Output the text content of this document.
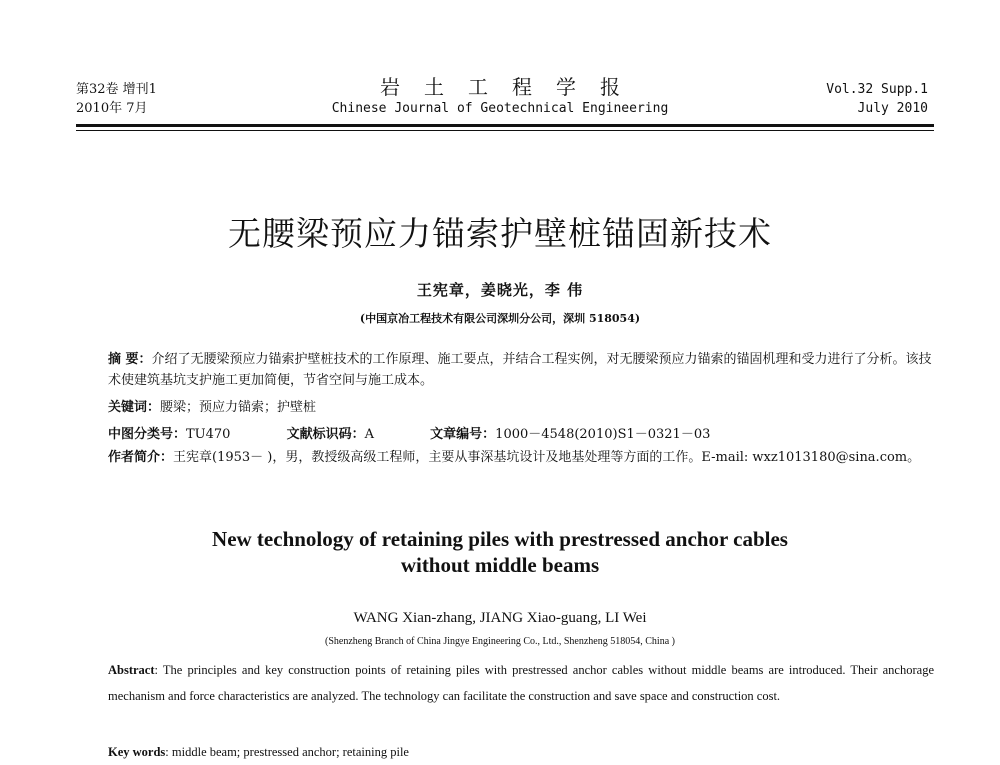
第32卷 增刊1
2010年 7月
岩土工程学报
Chinese Journal of Geotechnical Engineering
Vol.32 Supp.1
July 2010
无腰梁预应力锚索护壁桩锚固新技术
王宪章，姜晓光，李 伟
(中国京冶工程技术有限公司深圳分公司，深圳 518054)
摘 要：介绍了无腰梁预应力锚索护壁桩技术的工作原理、施工要点，并结合工程实例，对无腰梁预应力锚索的锚固机理和受力进行了分析。该技术使建筑基坑支护施工更加简便，节省空间与施工成本。
关键词：腰梁；预应力锚索；护壁桩
中图分类号：TU470	文献标识码：A	文章编号：1000－4548(2010)S1－0321－03
作者简介：王宪章(1953－ )，男，教授级高级工程师，主要从事深基坑设计及地基处理等方面的工作。E-mail: wxz1013180@sina.com。
New technology of retaining piles with prestressed anchor cables
without middle beams
WANG Xian-zhang, JIANG Xiao-guang, LI Wei
(Shenzheng Branch of China Jingye Engineering Co., Ltd., Shenzheng 518054, China )
Abstract: The principles and key construction points of retaining piles with prestressed anchor cables without middle beams are introduced. Their anchorage mechanism and force characteristics are analyzed. The technology can facilitate the construction and save space and construction cost.
Key words: middle beam; prestressed anchor; retaining pile
